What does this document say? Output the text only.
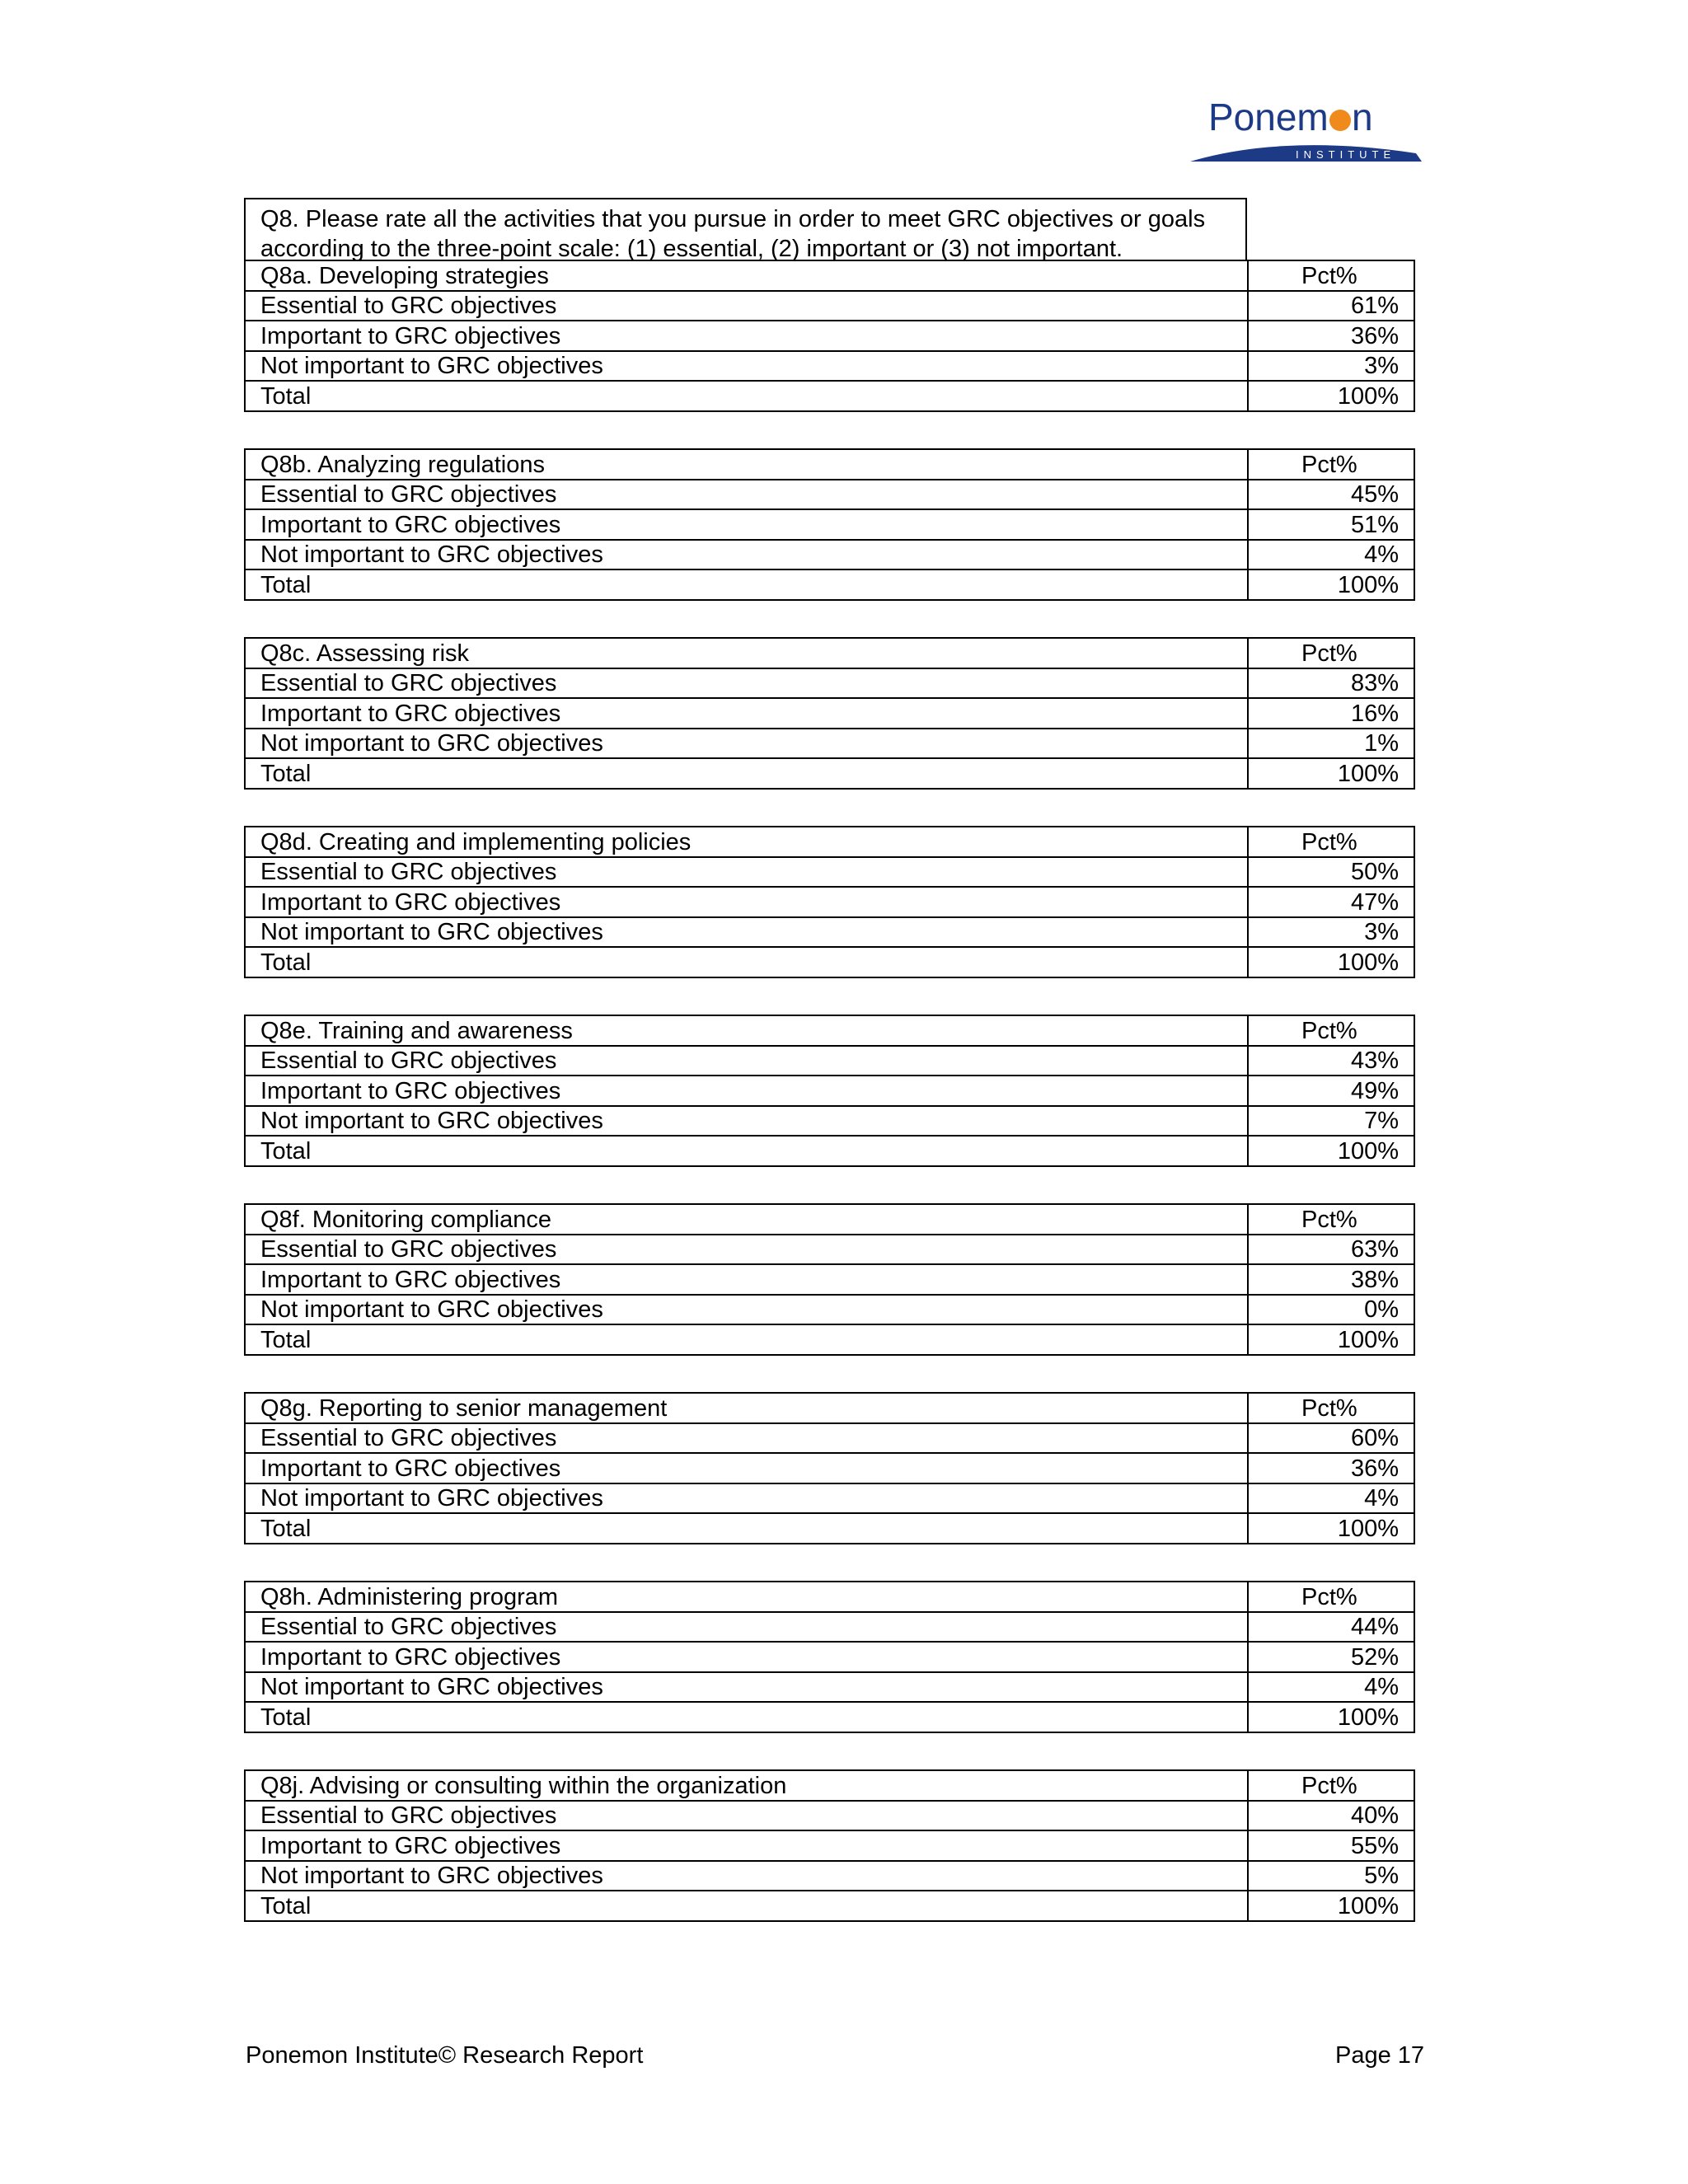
Ponem n
INSTITUTE
Q8. Please rate all the activities that you pursue in order to meet GRC objectives or goals according to the three-point scale: (1) essential, (2) important or (3) not important.
Q8a. Developing strategies	Pct%
Essential to GRC objectives	61%
Important to GRC objectives	36%
Not important to GRC objectives	3%
Total	100%
Q8b. Analyzing regulations	Pct%
Essential to GRC objectives	45%
Important to GRC objectives	51%
Not important to GRC objectives	4%
Total	100%
Q8c. Assessing risk	Pct%
Essential to GRC objectives	83%
Important to GRC objectives	16%
Not important to GRC objectives	1%
Total	100%
Q8d. Creating and implementing policies	Pct%
Essential to GRC objectives	50%
Important to GRC objectives	47%
Not important to GRC objectives	3%
Total	100%
Q8e. Training and awareness	Pct%
Essential to GRC objectives	43%
Important to GRC objectives	49%
Not important to GRC objectives	7%
Total	100%
Q8f. Monitoring compliance	Pct%
Essential to GRC objectives	63%
Important to GRC objectives	38%
Not important to GRC objectives	0%
Total	100%
Q8g. Reporting to senior management	Pct%
Essential to GRC objectives	60%
Important to GRC objectives	36%
Not important to GRC objectives	4%
Total	100%
Q8h. Administering program	Pct%
Essential to GRC objectives	44%
Important to GRC objectives	52%
Not important to GRC objectives	4%
Total	100%
Q8j. Advising or consulting within the organization	Pct%
Essential to GRC objectives	40%
Important to GRC objectives	55%
Not important to GRC objectives	5%
Total	100%
Ponemon Institute© Research Report	Page 17
